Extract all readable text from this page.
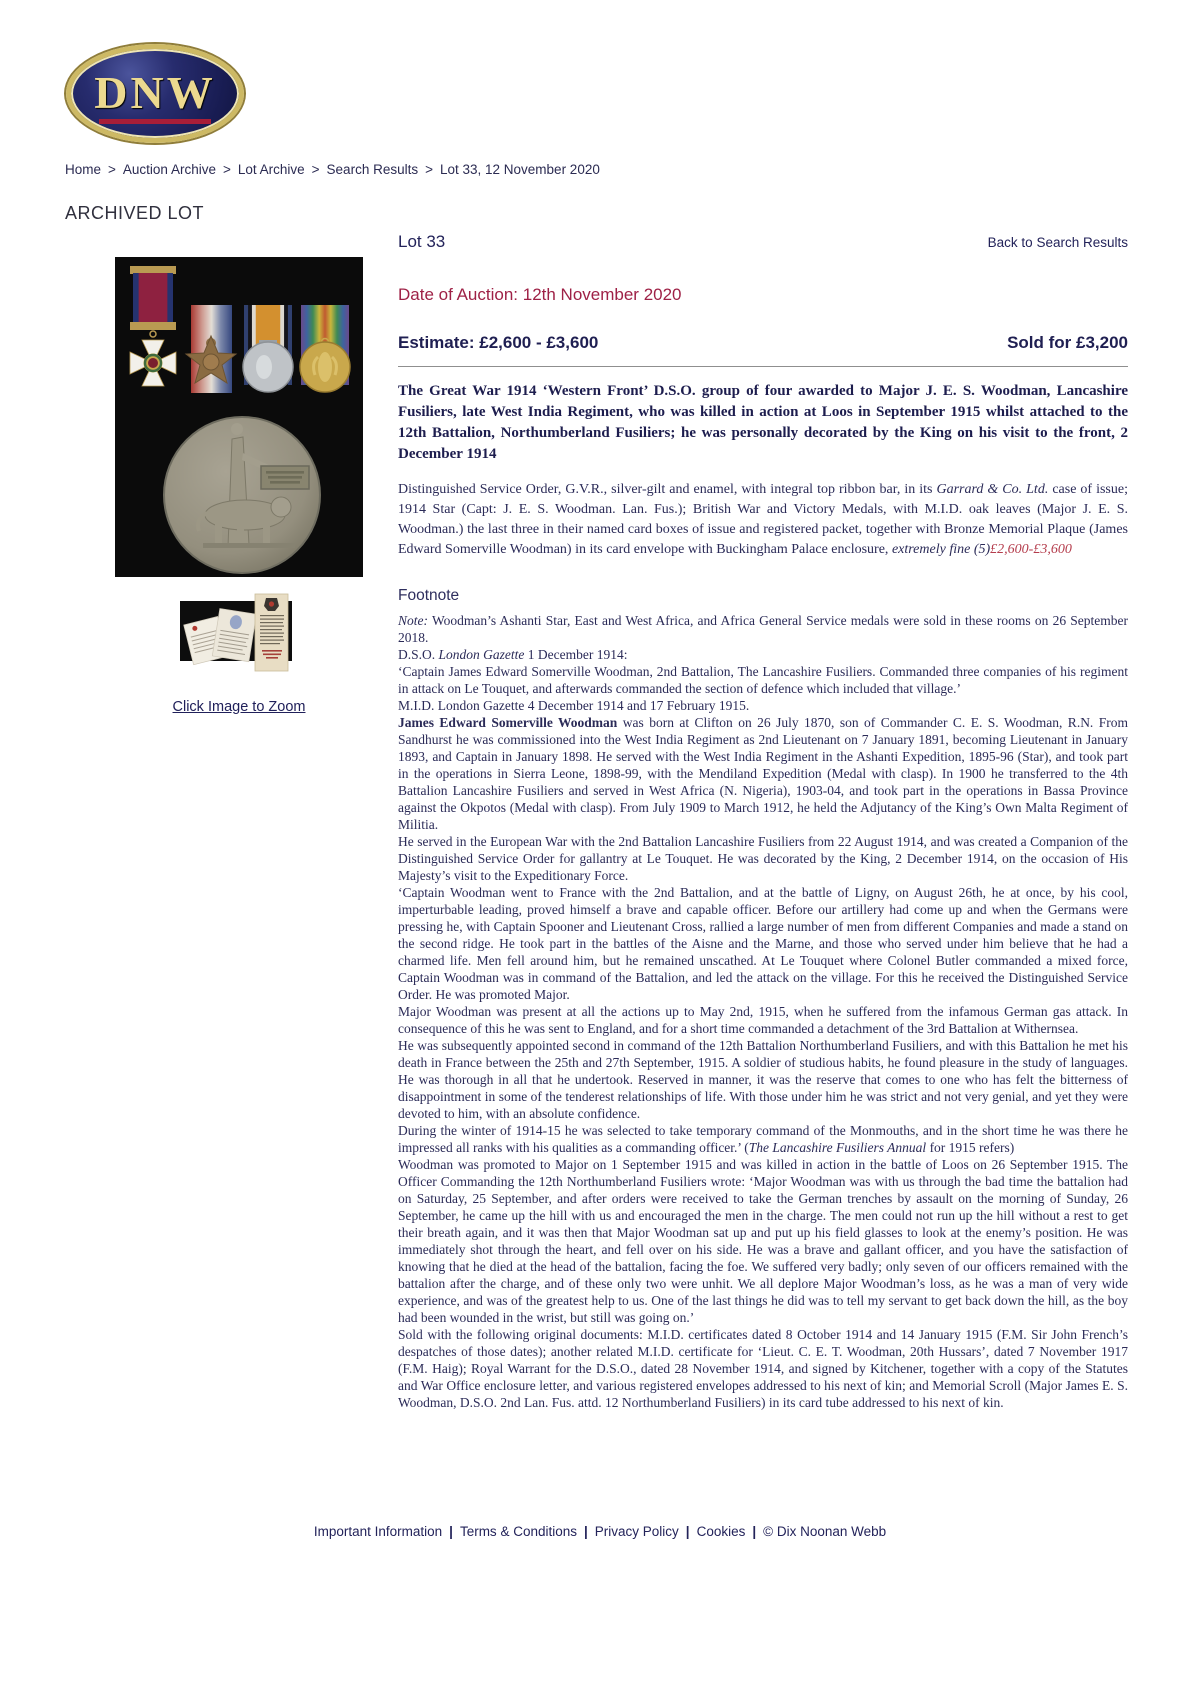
DNW
Home > Auction Archive > Lot Archive > Search Results > Lot 33, 12 November 2020
ARCHIVED LOT
Click Image to Zoom
Lot 33	Back to Search Results
Date of Auction: 12th November 2020
Estimate: £2,600 - £3,600	Sold for £3,200
The Great War 1914 ‘Western Front’ D.S.O. group of four awarded to Major J. E. S. Woodman, Lancashire Fusiliers, late West India Regiment, who was killed in action at Loos in September 1915 whilst attached to the 12th Battalion, Northumberland Fusiliers; he was personally decorated by the King on his visit to the front, 2 December 1914
Distinguished Service Order, G.V.R., silver-gilt and enamel, with integral top ribbon bar, in its Garrard & Co. Ltd. case of issue; 1914 Star (Capt: J. E. S. Woodman. Lan. Fus.); British War and Victory Medals, with M.I.D. oak leaves (Major J. E. S. Woodman.) the last three in their named card boxes of issue and registered packet, together with Bronze Memorial Plaque (James Edward Somerville Woodman) in its card envelope with Buckingham Palace enclosure, extremely fine (5)£2,600-£3,600
Footnote

Note: Woodman’s Ashanti Star, East and West Africa, and Africa General Service medals were sold in these rooms on 26 September 2018.

D.S.O. London Gazette 1 December 1914:

‘Captain James Edward Somerville Woodman, 2nd Battalion, The Lancashire Fusiliers. Commanded three companies of his regiment in attack on Le Touquet, and afterwards commanded the section of defence which included that village.’

M.I.D. London Gazette 4 December 1914 and 17 February 1915.

James Edward Somerville Woodman was born at Clifton on 26 July 1870, son of Commander C. E. S. Woodman, R.N. From Sandhurst he was commissioned into the West India Regiment as 2nd Lieutenant on 7 January 1891, becoming Lieutenant in January 1893, and Captain in January 1898. He served with the West India Regiment in the Ashanti Expedition, 1895-96 (Star), and took part in the operations in Sierra Leone, 1898-99, with the Mendiland Expedition (Medal with clasp). In 1900 he transferred to the 4th Battalion Lancashire Fusiliers and served in West Africa (N. Nigeria), 1903-04, and took part in the operations in Bassa Province against the Okpotos (Medal with clasp). From July 1909 to March 1912, he held the Adjutancy of the King’s Own Malta Regiment of Militia.

He served in the European War with the 2nd Battalion Lancashire Fusiliers from 22 August 1914, and was created a Companion of the Distinguished Service Order for gallantry at Le Touquet. He was decorated by the King, 2 December 1914, on the occasion of His Majesty’s visit to the Expeditionary Force.

‘Captain Woodman went to France with the 2nd Battalion, and at the battle of Ligny, on August 26th, he at once, by his cool, imperturbable leading, proved himself a brave and capable officer. Before our artillery had come up and when the Germans were pressing he, with Captain Spooner and Lieutenant Cross, rallied a large number of men from different Companies and made a stand on the second ridge. He took part in the battles of the Aisne and the Marne, and those who served under him believe that he had a charmed life. Men fell around him, but he remained unscathed. At Le Touquet where Colonel Butler commanded a mixed force, Captain Woodman was in command of the Battalion, and led the attack on the village. For this he received the Distinguished Service Order. He was promoted Major.

Major Woodman was present at all the actions up to May 2nd, 1915, when he suffered from the infamous German gas attack. In consequence of this he was sent to England, and for a short time commanded a detachment of the 3rd Battalion at Withernsea.

He was subsequently appointed second in command of the 12th Battalion Northumberland Fusiliers, and with this Battalion he met his death in France between the 25th and 27th September, 1915. A soldier of studious habits, he found pleasure in the study of languages. He was thorough in all that he undertook. Reserved in manner, it was the reserve that comes to one who has felt the bitterness of disappointment in some of the tenderest relationships of life. With those under him he was strict and not very genial, and yet they were devoted to him, with an absolute confidence.

During the winter of 1914-15 he was selected to take temporary command of the Monmouths, and in the short time he was there he impressed all ranks with his qualities as a commanding officer.’ (The Lancashire Fusiliers Annual for 1915 refers)

Woodman was promoted to Major on 1 September 1915 and was killed in action in the battle of Loos on 26 September 1915. The Officer Commanding the 12th Northumberland Fusiliers wrote: ‘Major Woodman was with us through the bad time the battalion had on Saturday, 25 September, and after orders were received to take the German trenches by assault on the morning of Sunday, 26 September, he came up the hill with us and encouraged the men in the charge. The men could not run up the hill without a rest to get their breath again, and it was then that Major Woodman sat up and put up his field glasses to look at the enemy’s position. He was immediately shot through the heart, and fell over on his side. He was a brave and gallant officer, and you have the satisfaction of knowing that he died at the head of the battalion, facing the foe. We suffered very badly; only seven of our officers remained with the battalion after the charge, and of these only two were unhit. We all deplore Major Woodman’s loss, as he was a man of very wide experience, and was of the greatest help to us. One of the last things he did was to tell my servant to get back down the hill, as the boy had been wounded in the wrist, but still was going on.’

Sold with the following original documents: M.I.D. certificates dated 8 October 1914 and 14 January 1915 (F.M. Sir John French’s despatches of those dates); another related M.I.D. certificate for ‘Lieut. C. E. T. Woodman, 20th Hussars’, dated 7 November 1917 (F.M. Haig); Royal Warrant for the D.S.O., dated 28 November 1914, and signed by Kitchener, together with a copy of the Statutes and War Office enclosure letter, and various registered envelopes addressed to his next of kin; and Memorial Scroll (Major James E. S. Woodman, D.S.O. 2nd Lan. Fus. attd. 12 Northumberland Fusiliers) in its card tube addressed to his next of kin.

Important Information | Terms & Conditions | Privacy Policy | Cookies | © Dix Noonan Webb
